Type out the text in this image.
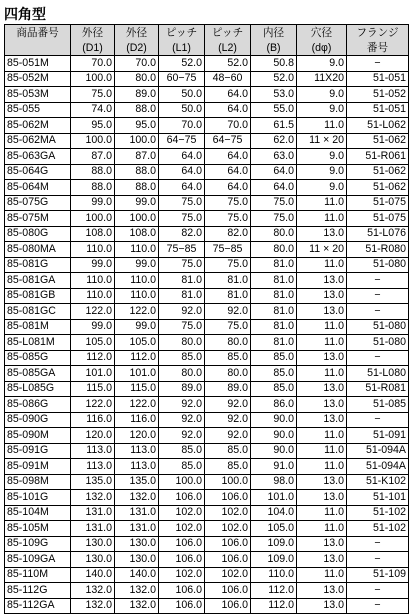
四角型
商品番号	外径	外径	ピッチ	ピッチ	内径	穴径	フランジ
	(D1)	(D2)	(L1)	(L2)	(B)	(dφ)	番号
85-051M	70.0	70.0	52.0	52.0	50.8	9.0	−
85-052M	100.0	80.0	60−75	48−60	52.0	11X20	51-051
85-053M	75.0	89.0	50.0	64.0	53.0	9.0	51-052
85-055	74.0	88.0	50.0	64.0	55.0	9.0	51-051
85-062M	95.0	95.0	70.0	70.0	61.5	11.0	51-L062
85-062MA	100.0	100.0	64−75	64−75	62.0	11 × 20	51-062
85-063GA	87.0	87.0	64.0	64.0	63.0	9.0	51-R061
85-064G	88.0	88.0	64.0	64.0	64.0	9.0	51-062
85-064M	88.0	88.0	64.0	64.0	64.0	9.0	51-062
85-075G	99.0	99.0	75.0	75.0	75.0	11.0	51-075
85-075M	100.0	100.0	75.0	75.0	75.0	11.0	51-075
85-080G	108.0	108.0	82.0	82.0	80.0	13.0	51-L076
85-080MA	110.0	110.0	75−85	75−85	80.0	11 × 20	51-R080
85-081G	99.0	99.0	75.0	75.0	81.0	11.0	51-080
85-081GA	110.0	110.0	81.0	81.0	81.0	13.0	−
85-081GB	110.0	110.0	81.0	81.0	81.0	13.0	−
85-081GC	122.0	122.0	92.0	92.0	81.0	13.0	−
85-081M	99.0	99.0	75.0	75.0	81.0	11.0	51-080
85-L081M	105.0	105.0	80.0	80.0	81.0	11.0	51-080
85-085G	112.0	112.0	85.0	85.0	85.0	13.0	−
85-085GA	101.0	101.0	80.0	80.0	85.0	11.0	51-L080
85-L085G	115.0	115.0	89.0	89.0	85.0	13.0	51-R081
85-086G	122.0	122.0	92.0	92.0	86.0	13.0	51-085
85-090G	116.0	116.0	92.0	92.0	90.0	13.0	−
85-090M	120.0	120.0	92.0	92.0	90.0	11.0	51-091
85-091G	113.0	113.0	85.0	85.0	90.0	11.0	51-094A
85-091M	113.0	113.0	85.0	85.0	91.0	11.0	51-094A
85-098M	135.0	135.0	100.0	100.0	98.0	13.0	51-K102
85-101G	132.0	132.0	106.0	106.0	101.0	13.0	51-101
85-104M	131.0	131.0	102.0	102.0	104.0	11.0	51-102
85-105M	131.0	131.0	102.0	102.0	105.0	11.0	51-102
85-109G	130.0	130.0	106.0	106.0	109.0	13.0	−
85-109GA	130.0	130.0	106.0	106.0	109.0	13.0	−
85-110M	140.0	140.0	102.0	102.0	110.0	11.0	51-109
85-112G	132.0	132.0	106.0	106.0	112.0	13.0	−
85-112GA	132.0	132.0	106.0	106.0	112.0	13.0	−
